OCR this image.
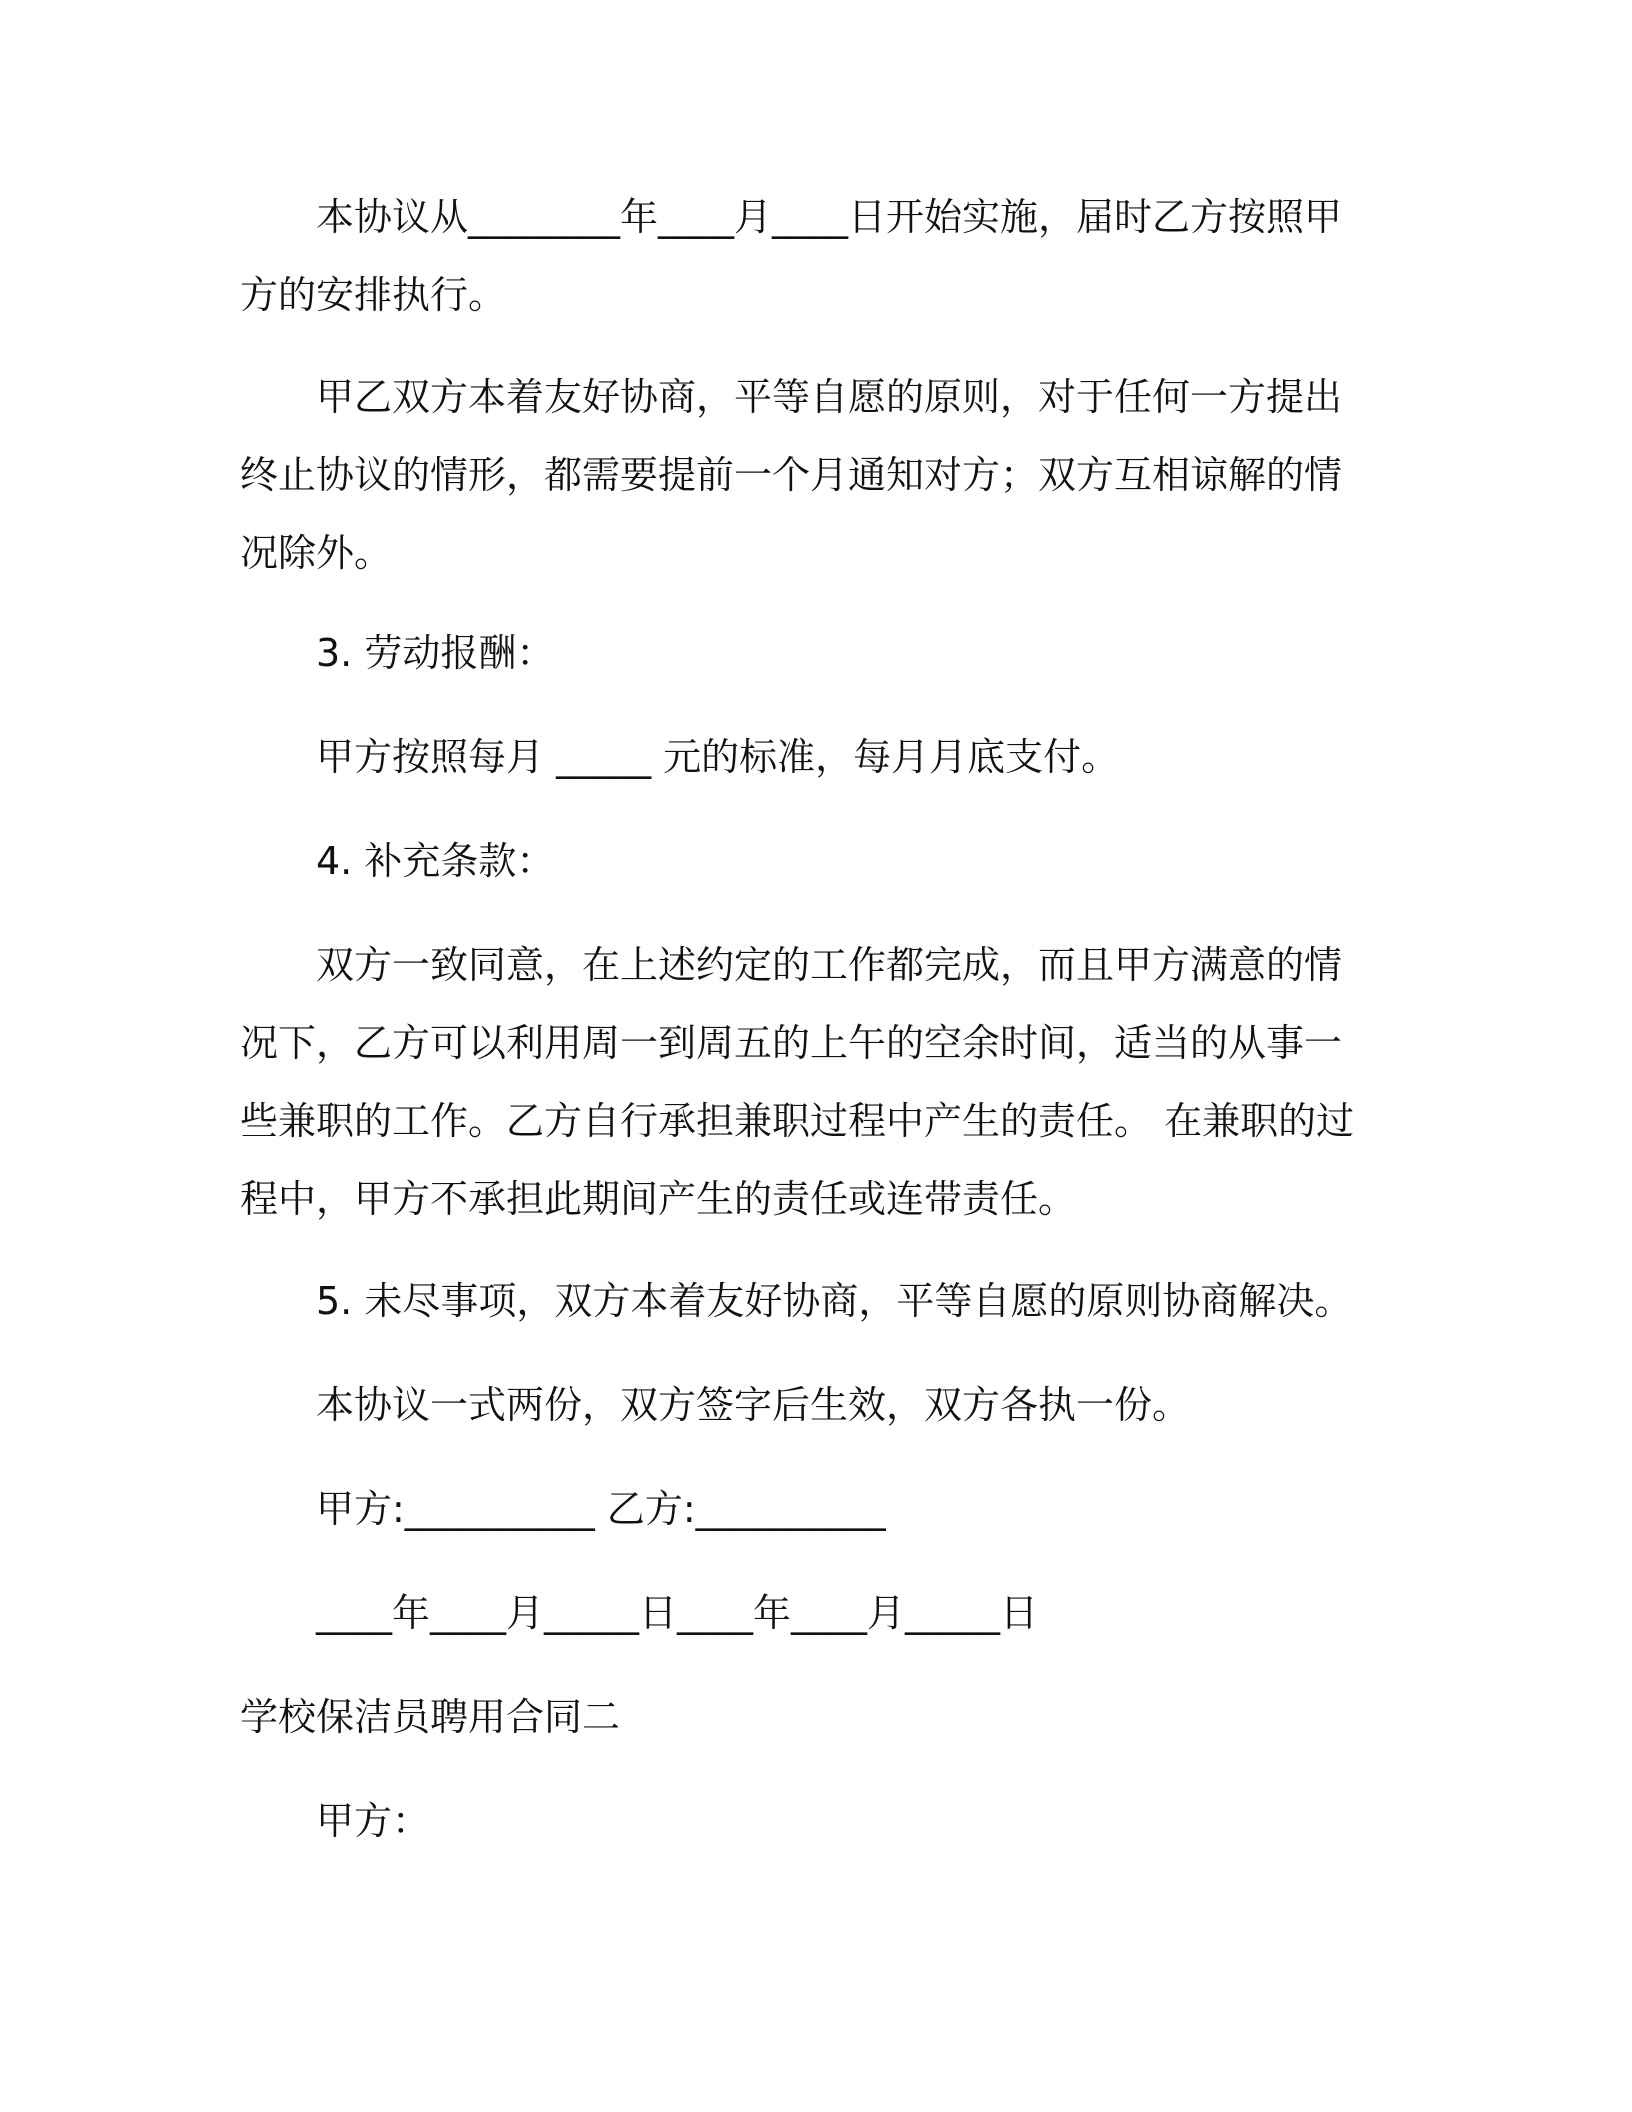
本协议从________年____月____日开始实施，届时乙方按照甲方的安排执行。

甲乙双方本着友好协商，平等自愿的原则，对于任何一方提出终止协议的情形，都需要提前一个月通知对方；双方互相谅解的情况除外。

3. 劳动报酬：

甲方按照每月 _____ 元的标准，每月月底支付。

4. 补充条款：

双方一致同意，在上述约定的工作都完成，而且甲方满意的情况下，乙方可以利用周一到周五的上午的空余时间，适当的从事一些兼职的工作。乙方自行承担兼职过程中产生的责任。 在兼职的过程中，甲方不承担此期间产生的责任或连带责任。

5. 未尽事项，双方本着友好协商，平等自愿的原则协商解决。

本协议一式两份，双方签字后生效，双方各执一份。

甲方:__________ 乙方:__________

____年____月_____日____年____月_____日

学校保洁员聘用合同二

甲方：
